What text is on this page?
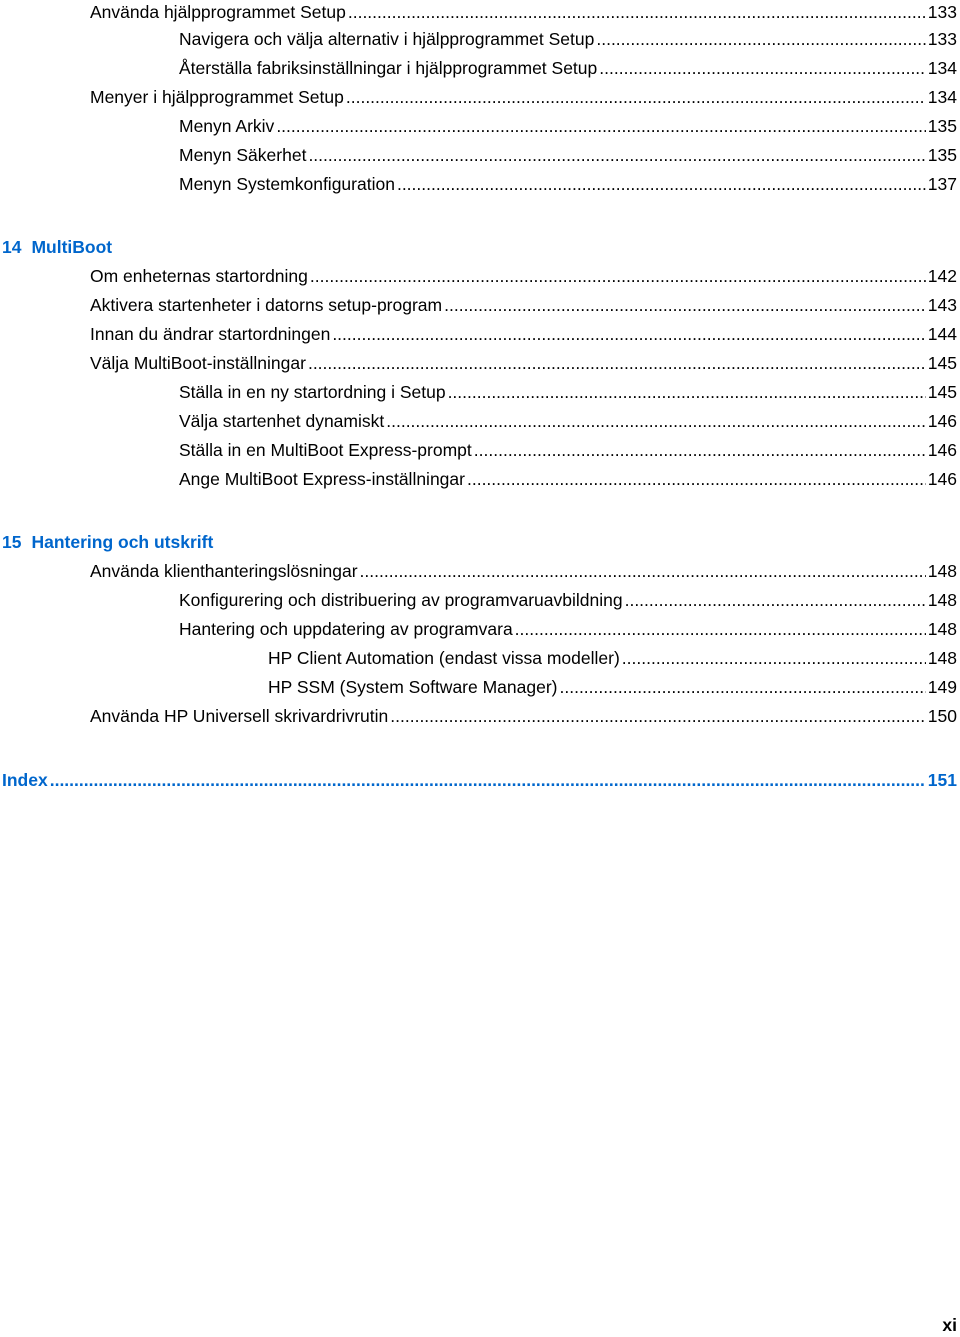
Använda hjälpprogrammet Setup .....	133
Navigera och välja alternativ i hjälpprogrammet Setup .....	133
Återställa fabriksinställningar i hjälpprogrammet Setup .....	134
Menyer i hjälpprogrammet Setup .....	134
Menyn Arkiv .....	135
Menyn Säkerhet .....	135
Menyn Systemkonfiguration .....	137
14 MultiBoot
Om enheternas startordning .....	142
Aktivera startenheter i datorns setup-program .....	143
Innan du ändrar startordningen .....	144
Välja MultiBoot-inställningar .....	145
Ställa in en ny startordning i Setup .....	145
Välja startenhet dynamiskt .....	146
Ställa in en MultiBoot Express-prompt .....	146
Ange MultiBoot Express-inställningar .....	146
15 Hantering och utskrift
Använda klienthanteringslösningar .....	148
Konfigurering och distribuering av programvaruavbildning .....	148
Hantering och uppdatering av programvara .....	148
HP Client Automation (endast vissa modeller) .....	148
HP SSM (System Software Manager) .....	149
Använda HP Universell skrivardrivrutin .....	150
Index .....	151
xi
